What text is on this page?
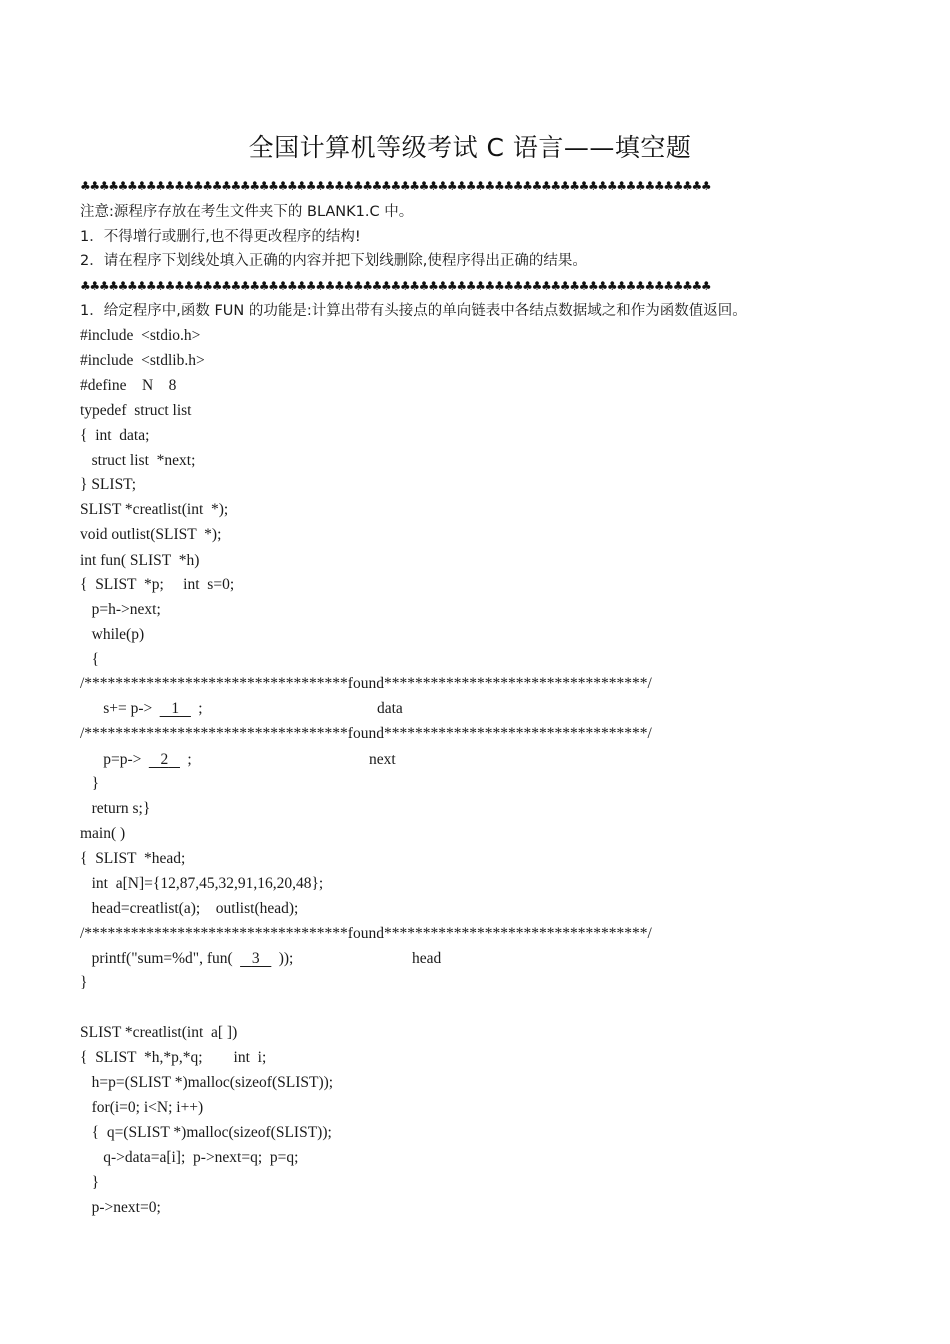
全国计算机等级考试 C 语言——填空题
♣♣♣♣♣♣♣♣♣♣♣♣♣♣♣♣♣♣♣♣♣♣♣♣♣♣♣♣♣♣♣♣♣♣♣♣♣♣♣♣♣♣♣♣♣♣♣♣♣♣♣♣♣♣♣♣♣♣♣♣♣♣♣♣♣♣♣
注意:源程序存放在考生文件夹下的 BLANK1.C 中。
1．不得增行或删行,也不得更改程序的结构!
2．请在程序下划线处填入正确的内容并把下划线删除,使程序得出正确的结果。
♣♣♣♣♣♣♣♣♣♣♣♣♣♣♣♣♣♣♣♣♣♣♣♣♣♣♣♣♣♣♣♣♣♣♣♣♣♣♣♣♣♣♣♣♣♣♣♣♣♣♣♣♣♣♣♣♣♣♣♣♣♣♣♣♣♣♣
1．给定程序中,函数 FUN 的功能是:计算出带有头接点的单向链表中各结点数据域之和作为函数值返回。
#include  <stdio.h>
#include  <stdlib.h>
#define    N    8
typedef  struct list
{  int  data;
struct list  *next;
} SLIST;
SLIST *creatlist(int  *);
void outlist(SLIST  *);
int fun( SLIST  *h)
{  SLIST  *p;     int  s=0;
p=h->next;
while(p)
{
/**********************************found**********************************/
s+= p-> 1 ;
/**********************************found**********************************/
p=p-> 2 ;
}
return s;}
main( )
{  SLIST  *head;
int  a[N]={12,87,45,32,91,16,20,48};
head=creatlist(a);    outlist(head);
/**********************************found**********************************/
printf("sum=%d", fun( 3 ));
}
SLIST *creatlist(int  a[ ])
{  SLIST  *h,*p,*q;        int  i;
h=p=(SLIST *)malloc(sizeof(SLIST));
for(i=0; i<N; i++)
{  q=(SLIST *)malloc(sizeof(SLIST));
q->data=a[i];  p->next=q;  p=q;
}
p->next=0;
data
next
head
